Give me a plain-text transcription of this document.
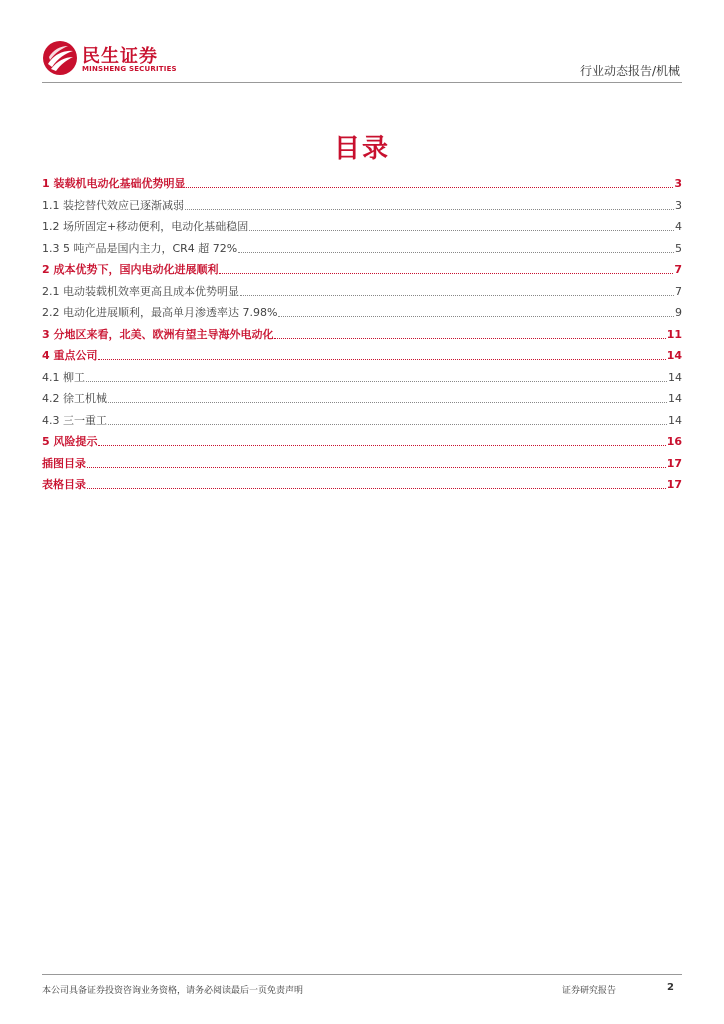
民生证券
MINSHENG SECURITIES	行业动态报告/机械
目录
1 装载机电动化基础优势明显	3
1.1 装挖替代效应已逐渐减弱	3
1.2 场所固定+移动便利，电动化基础稳固	4
1.3 5 吨产品是国内主力，CR4 超 72%	5
2 成本优势下，国内电动化进展顺利	7
2.1 电动装载机效率更高且成本优势明显	7
2.2 电动化进展顺利，最高单月渗透率达 7.98%	9
3 分地区来看，北美、欧洲有望主导海外电动化	11
4 重点公司	14
4.1 柳工	14
4.2 徐工机械	14
4.3 三一重工	14
5 风险提示	16
插图目录	17
表格目录	17
本公司具备证券投资咨询业务资格，请务必阅读最后一页免责声明	证券研究报告	2
